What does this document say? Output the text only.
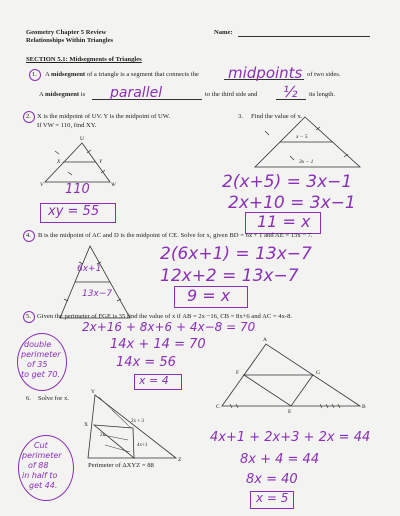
Geometry Chapter 5 Review
Relationships Within Triangles
Name:
SECTION 5.1: Midsegments of Triangles
1. A midsegment of a triangle is a segment that connects the midpoints of two sides.
A midsegment is parallel	to the third side and ½ its length.
2. X is the midpoint of UV. Y is the midpoint of UW.
If VW = 110, find XY.
U
X	Y
V	W
110
xy = 55
3. Find the value of x.
x − 5
3x − 1
2(x+5) = 3x−1
2x+10 = 3x−1
11 = x
4. B is the midpoint of AC and D is the midpoint of CE. Solve for x, given BD = 6x + 1 and AE = 13x − 7.
6x+1
13x−7
2(6x+1) = 13x−7
12x+2 = 13x−7
9 = x
5. Given the perimeter of FGE is 35 find the value of x if AB = 2x −16, CB = 8x+6 and AC = 4x-8.
2x+16 + 8x+6 + 4x−8 = 70
14x + 14 = 70
14x = 56
x = 4
double
perimeter
of 35
to get 70.
A
F
C
G
E
B
6. Solve for x.
Y
X
Z
2x + 3
2x
4x+1
Perimeter of ΔXYZ = 88
Cut
perimeter
of 88
in half to
get 44.
4x+1 + 2x+3 + 2x = 44
8x + 4 = 44
8x = 40
x = 5
